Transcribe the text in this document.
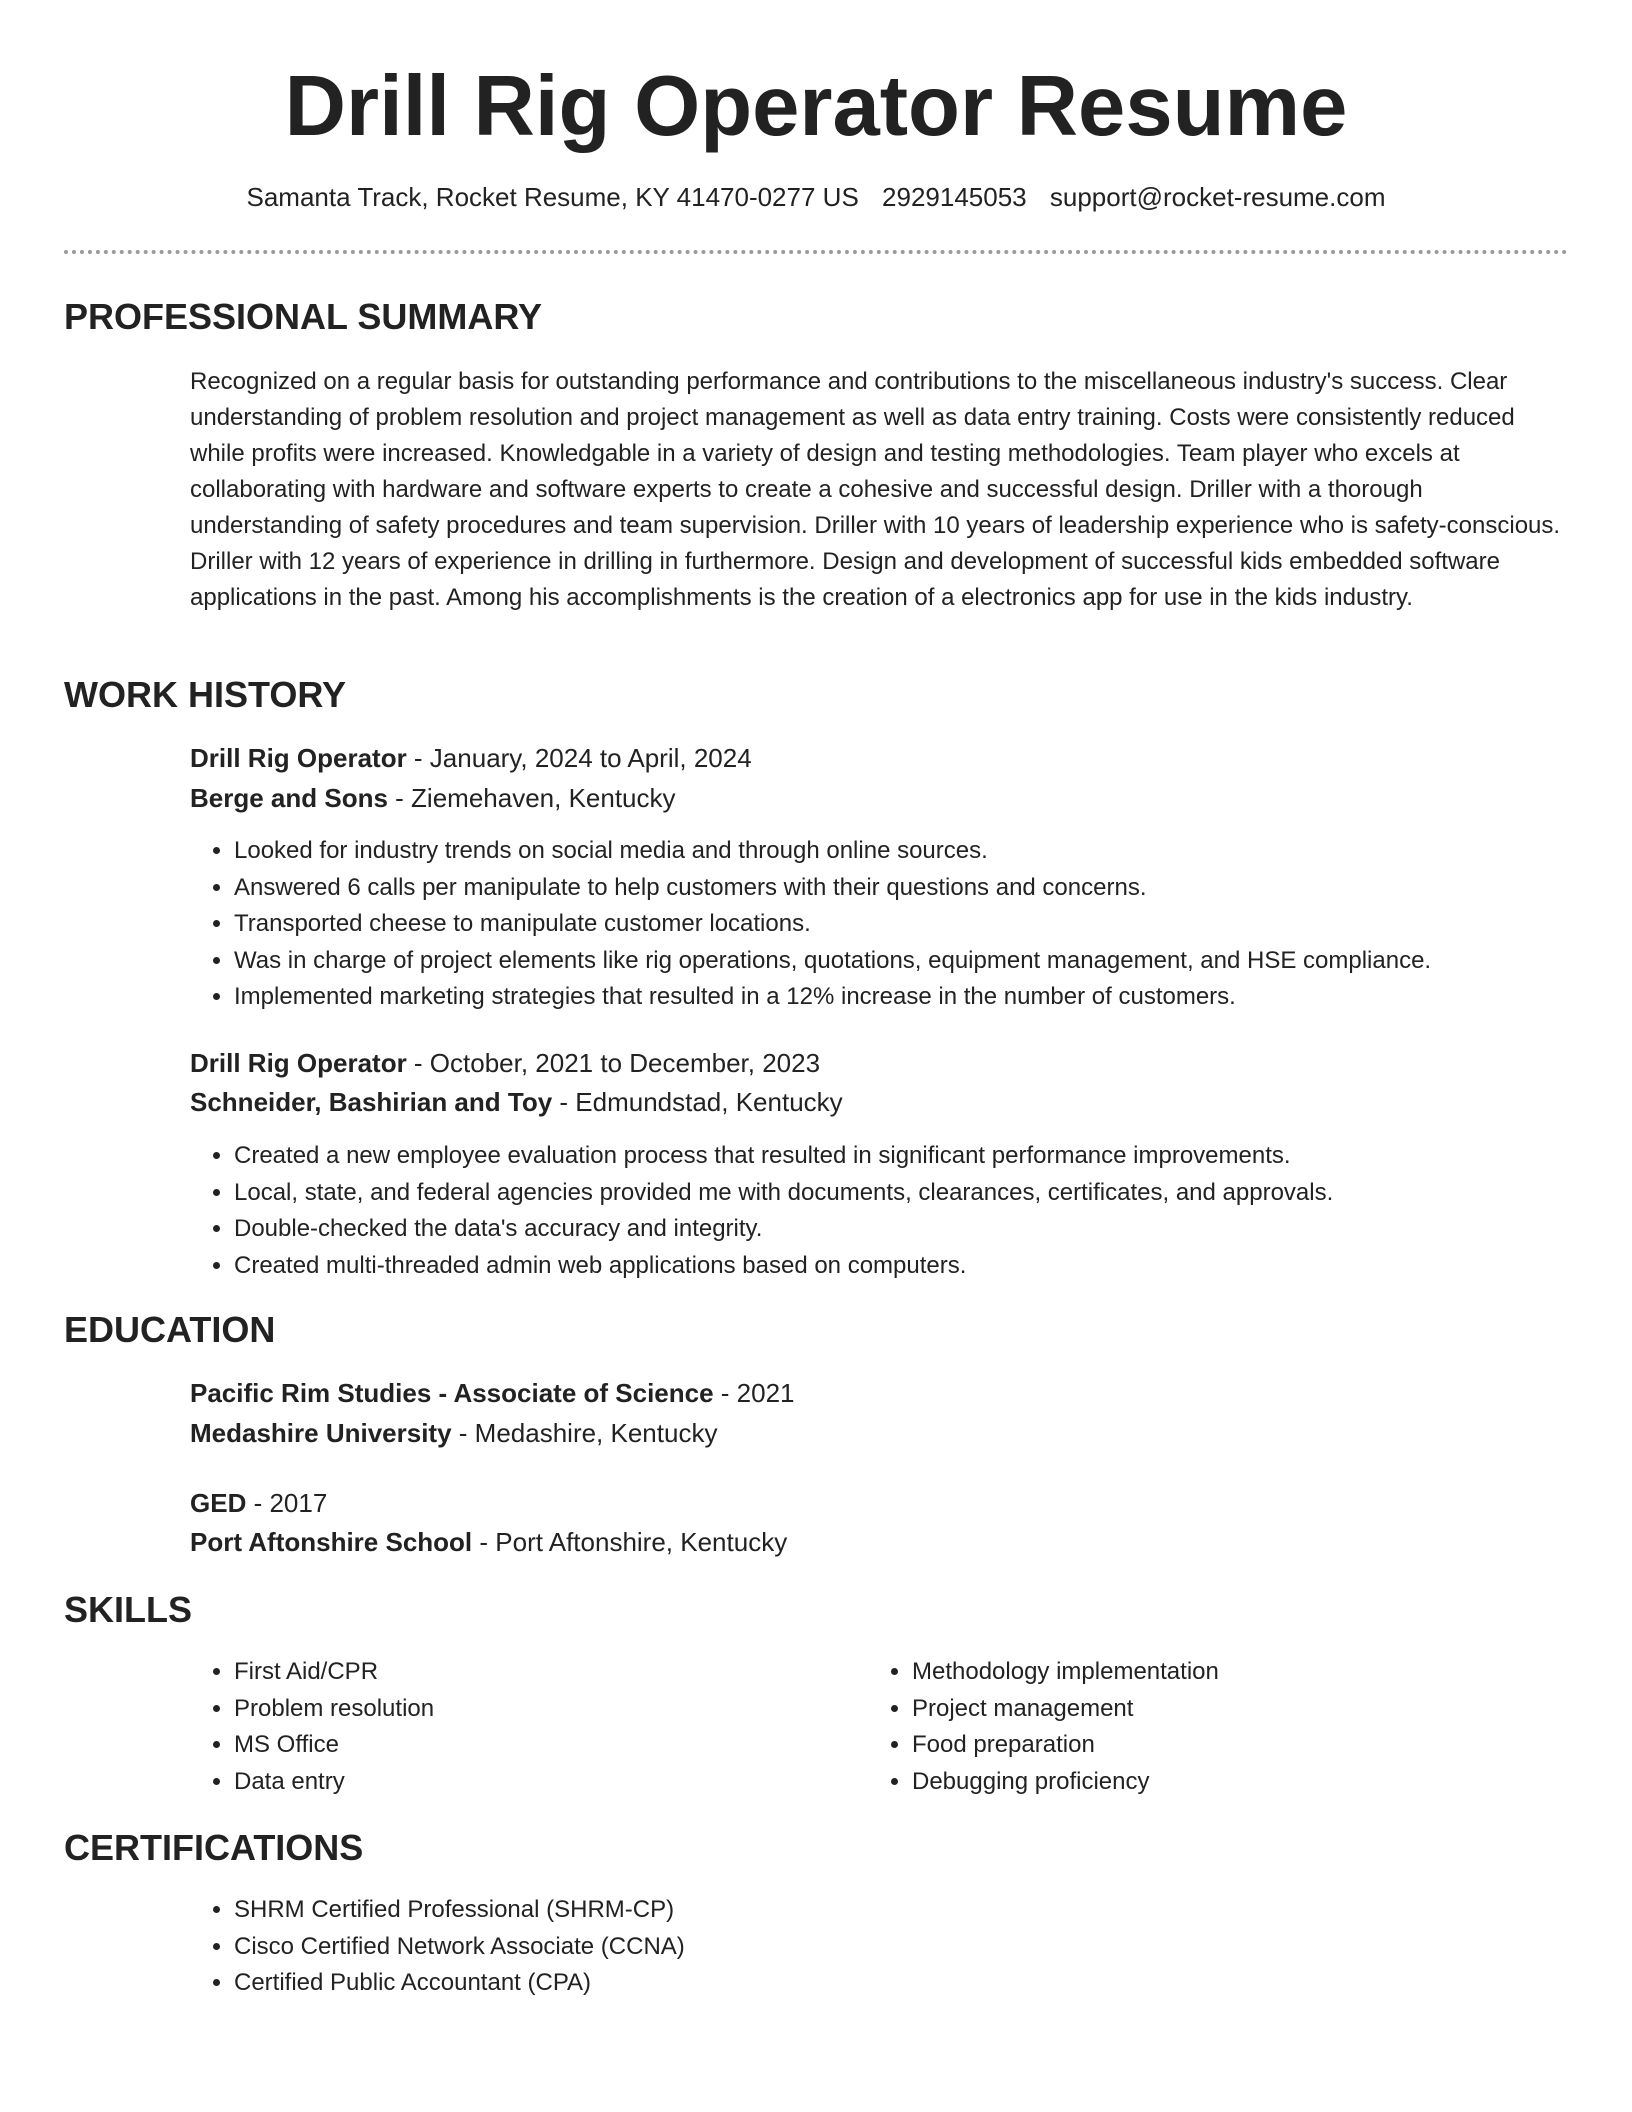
Drill Rig Operator Resume
Samanta Track, Rocket Resume, KY 41470-0277 US 2929145053 support@rocket-resume.com
PROFESSIONAL SUMMARY
Recognized on a regular basis for outstanding performance and contributions to the miscellaneous industry's success. Clear understanding of problem resolution and project management as well as data entry training. Costs were consistently reduced while profits were increased. Knowledgable in a variety of design and testing methodologies. Team player who excels at collaborating with hardware and software experts to create a cohesive and successful design. Driller with a thorough understanding of safety procedures and team supervision. Driller with 10 years of leadership experience who is safety-conscious. Driller with 12 years of experience in drilling in furthermore. Design and development of successful kids embedded software applications in the past. Among his accomplishments is the creation of a electronics app for use in the kids industry.
WORK HISTORY
Drill Rig Operator - January, 2024 to April, 2024
Berge and Sons - Ziemehaven, Kentucky
• Looked for industry trends on social media and through online sources.
• Answered 6 calls per manipulate to help customers with their questions and concerns.
• Transported cheese to manipulate customer locations.
• Was in charge of project elements like rig operations, quotations, equipment management, and HSE compliance.
• Implemented marketing strategies that resulted in a 12% increase in the number of customers.
Drill Rig Operator - October, 2021 to December, 2023
Schneider, Bashirian and Toy - Edmundstad, Kentucky
• Created a new employee evaluation process that resulted in significant performance improvements.
• Local, state, and federal agencies provided me with documents, clearances, certificates, and approvals.
• Double-checked the data's accuracy and integrity.
• Created multi-threaded admin web applications based on computers.
EDUCATION
Pacific Rim Studies - Associate of Science - 2021
Medashire University - Medashire, Kentucky
GED - 2017
Port Aftonshire School - Port Aftonshire, Kentucky
SKILLS
• First Aid/CPR
• Problem resolution
• MS Office
• Data entry
• Methodology implementation
• Project management
• Food preparation
• Debugging proficiency
CERTIFICATIONS
• SHRM Certified Professional (SHRM-CP)
• Cisco Certified Network Associate (CCNA)
• Certified Public Accountant (CPA)
